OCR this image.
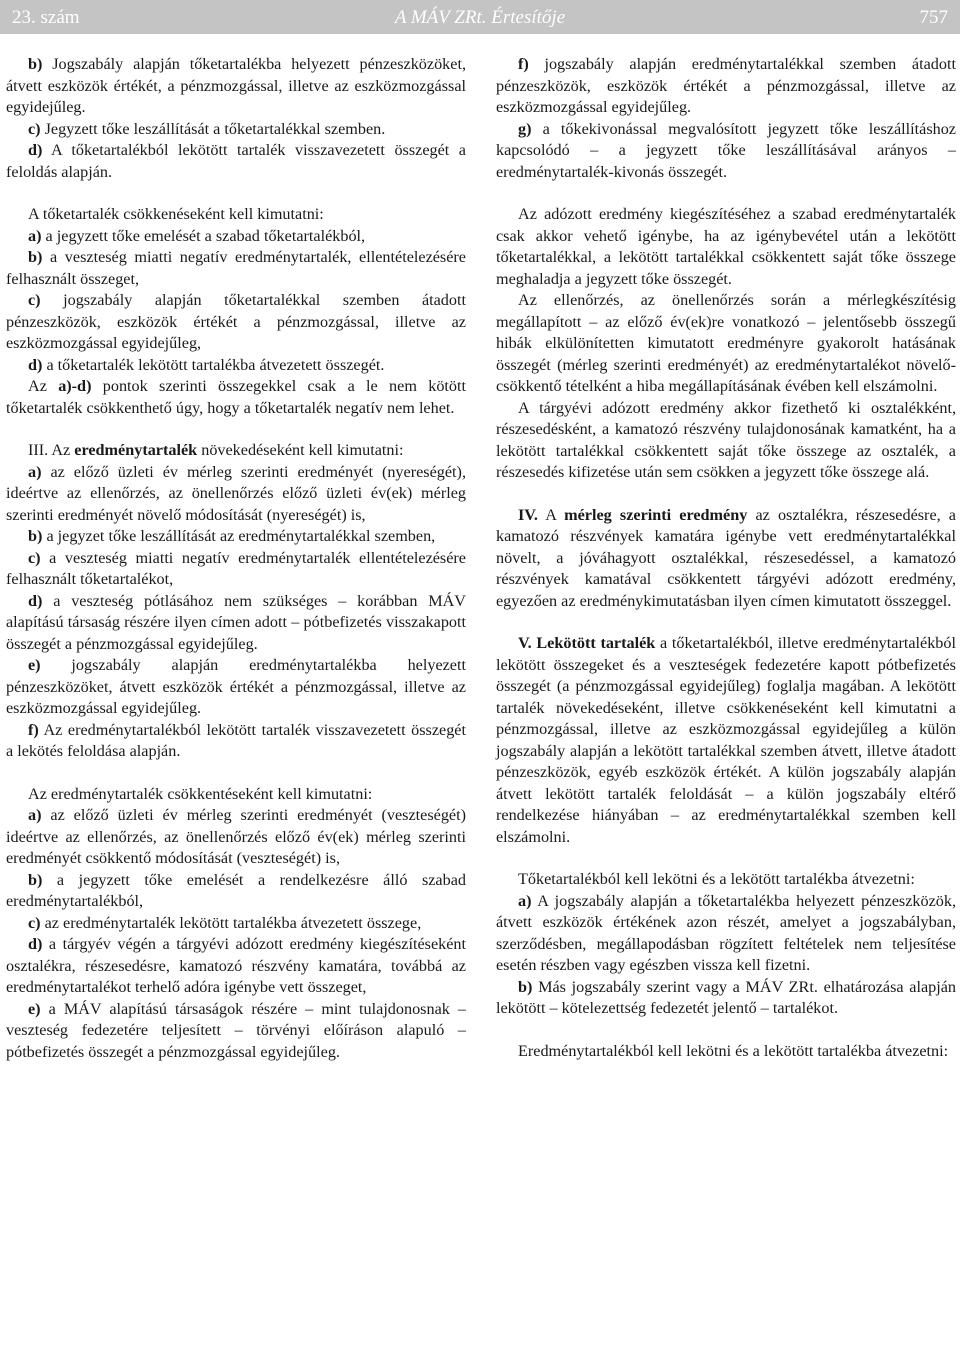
23. szám	A MÁV ZRt. Értesítője	757

b) Jogszabály alapján tőketartalékba helyezett pénzeszközöket, átvett eszközök értékét, a pénzmozgással, illetve az eszközmozgással egyidejűleg.

c) Jegyzett tőke leszállítását a tőketartalékkal szemben.

d) A tőketartalékból lekötött tartalék visszavezetett összegét a feloldás alapján.

A tőketartalék csökkenéseként kell kimutatni:

a) a jegyzett tőke emelését a szabad tőketartalékból,

b) a veszteség miatti negatív eredménytartalék, ellentételezésére felhasznált összeget,

c) jogszabály alapján tőketartalékkal szemben átadott pénzeszközök, eszközök értékét a pénzmozgással, illetve az eszközmozgással egyidejűleg,

d) a tőketartalék lekötött tartalékba átvezetett összegét.

Az a)-d) pontok szerinti összegekkel csak a le nem kötött tőketartalék csökkenthető úgy, hogy a tőketartalék negatív nem lehet.

III. Az eredménytartalék növekedéseként kell kimutatni:

a) az előző üzleti év mérleg szerinti eredményét (nyereségét), ideértve az ellenőrzés, az önellenőrzés előző üzleti év(ek) mérleg szerinti eredményét növelő módosítását (nyereségét) is,

b) a jegyzet tőke leszállítását az eredménytartalékkal szemben,

c) a veszteség miatti negatív eredménytartalék ellentételezésére felhasznált tőketartalékot,

d) a veszteség pótlásához nem szükséges – korábban MÁV alapítású társaság részére ilyen címen adott – pótbefizetés visszakapott összegét a pénzmozgással egyidejűleg.

e) jogszabály alapján eredménytartalékba helyezett pénzeszközöket, átvett eszközök értékét a pénzmozgással, illetve az eszközmozgással egyidejűleg.

f) Az eredménytartalékból lekötött tartalék visszavezetett összegét a lekötés feloldása alapján.

Az eredménytartalék csökkentéseként kell kimutatni:

a) az előző üzleti év mérleg szerinti eredményét (veszteségét) ideértve az ellenőrzés, az önellenőrzés előző év(ek) mérleg szerinti eredményét csökkentő módosítását (veszteségét) is,

b) a jegyzett tőke emelését a rendelkezésre álló szabad eredménytartalékból,

c) az eredménytartalék lekötött tartalékba átvezetett összege,

d) a tárgyév végén a tárgyévi adózott eredmény kiegészítéseként osztalékra, részesedésre, kamatozó részvény kamatára, továbbá az eredménytartalékot terhelő adóra igénybe vett összeget,

e) a MÁV alapítású társaságok részére – mint tulajdonosnak – veszteség fedezetére teljesített – törvényi előíráson alapuló – pótbefizetés összegét a pénzmozgással egyidejűleg.

f) jogszabály alapján eredménytartalékkal szemben átadott pénzeszközök, eszközök értékét a pénzmozgással, illetve az eszközmozgással egyidejűleg.

g) a tőkekivonással megvalósított jegyzett tőke leszállításhoz kapcsolódó – a jegyzett tőke leszállításával arányos – eredménytartalék-kivonás összegét.

Az adózott eredmény kiegészítéséhez a szabad eredménytartalék csak akkor vehető igénybe, ha az igénybevétel után a lekötött tőketartalékkal, a lekötött tartalékkal csökkentett saját tőke összege meghaladja a jegyzett tőke összegét.

Az ellenőrzés, az önellenőrzés során a mérlegkészítésig megállapított – az előző év(ek)re vonatkozó – jelentősebb összegű hibák elkülönítetten kimutatott eredményre gyakorolt hatásának összegét (mérleg szerinti eredményét) az eredménytartalékot növelő-csökkentő tételként a hiba megállapításának évében kell elszámolni.

A tárgyévi adózott eredmény akkor fizethető ki osztalékként, részesedésként, a kamatozó részvény tulajdonosának kamatként, ha a lekötött tartalékkal csökkentett saját tőke összege az osztalék, a részesedés kifizetése után sem csökken a jegyzett tőke összege alá.

IV. A mérleg szerinti eredmény az osztalékra, részesedésre, a kamatozó részvények kamatára igénybe vett eredménytartalékkal növelt, a jóváhagyott osztalékkal, részesedéssel, a kamatozó részvények kamatával csökkentett tárgyévi adózott eredmény, egyezően az eredménykimutatásban ilyen címen kimutatott összeggel.

V. Lekötött tartalék a tőketartalékból, illetve eredménytartalékból lekötött összegeket és a veszteségek fedezetére kapott pótbefizetés összegét (a pénzmozgással egyidejűleg) foglalja magában. A lekötött tartalék növekedéseként, illetve csökkenéseként kell kimutatni a pénzmozgással, illetve az eszközmozgással egyidejűleg a külön jogszabály alapján a lekötött tartalékkal szemben átvett, illetve átadott pénzeszközök, egyéb eszközök értékét. A külön jogszabály alapján átvett lekötött tartalék feloldását – a külön jogszabály eltérő rendelkezése hiányában – az eredménytartalékkal szemben kell elszámolni.

Tőketartalékból kell lekötni és a lekötött tartalékba átvezetni:

a) A jogszabály alapján a tőketartalékba helyezett pénzeszközök, átvett eszközök értékének azon részét, amelyet a jogszabályban, szerződésben, megállapodásban rögzített feltételek nem teljesítése esetén részben vagy egészben vissza kell fizetni.

b) Más jogszabály szerint vagy a MÁV ZRt. elhatározása alapján lekötött – kötelezettség fedezetét jelentő – tartalékot.

Eredménytartalékból kell lekötni és a lekötött tartalékba átvezetni:
